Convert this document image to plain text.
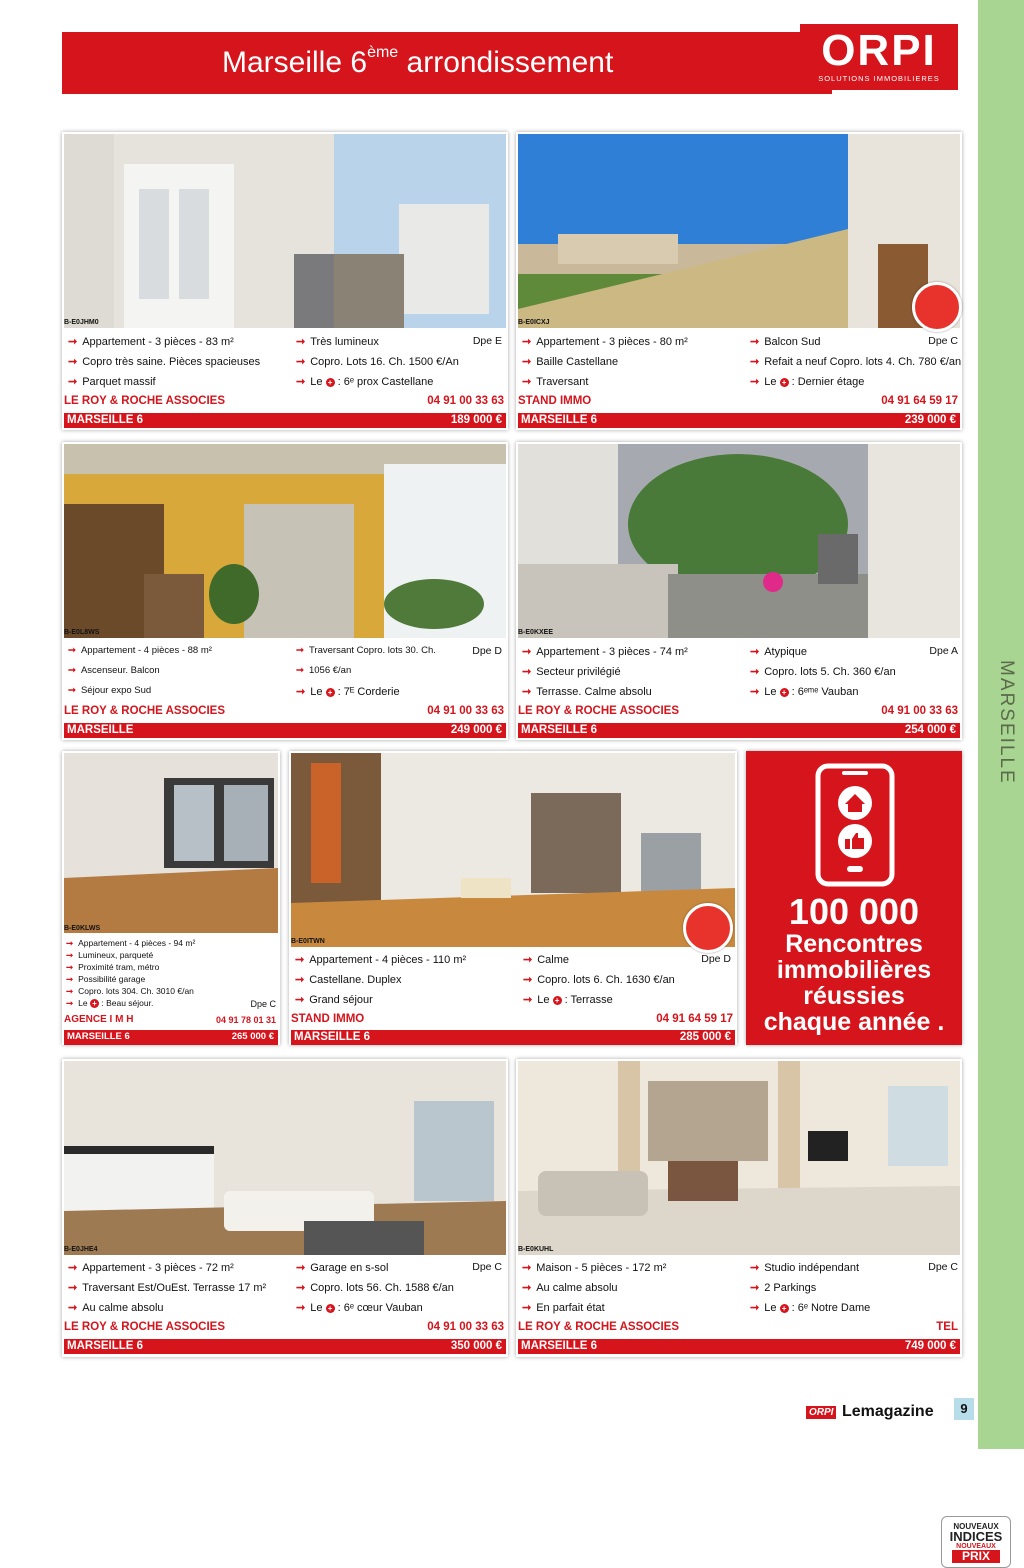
MARSEILLE
Marseille 6ème arrondissement	ORPI
SOLUTIONS IMMOBILIERES
B-E0JHM0
➞ Appartement - 3 pièces - 83 m²
➞ Copro très saine. Pièces spacieuses
➞ Parquet massif
➞ Très lumineux
➞ Copro. Lots 16. Ch. 1500 €/An
➞ Le + : 6ᵉ prox Castellane
Dpe E
LE ROY & ROCHE ASSOCIES	04 91 00 33 63
MARSEILLE 6	189 000 €
B-E0ICXJ
➞ Appartement - 3 pièces - 80 m²
➞ Baille Castellane
➞ Traversant
➞ Balcon Sud
➞ Refait a neuf Copro. lots 4. Ch. 780 €/an
➞ Le + : Dernier étage
Dpe C
STAND IMMO	04 91 64 59 17
MARSEILLE 6	239 000 €
B-E0L8WS
➞ Appartement - 4 pièces - 88 m²
➞ Ascenseur. Balcon
➞ Séjour expo Sud
➞ Traversant Copro. lots 30. Ch.
➞ 1056 €/an
➞ Le + : 7ᴱ Corderie
Dpe D
LE ROY & ROCHE ASSOCIES	04 91 00 33 63
MARSEILLE	249 000 €
B-E0KXEE
➞ Appartement - 3 pièces - 74 m²
➞ Secteur privilégié
➞ Terrasse. Calme absolu
➞ Atypique
➞ Copro. lots 5. Ch. 360 €/an
➞ Le + : 6ᵉᵐᵉ Vauban
Dpe A
LE ROY & ROCHE ASSOCIES	04 91 00 33 63
MARSEILLE 6	254 000 €
B-E0KLWS
➞ Appartement - 4 pièces - 94 m²
➞ Lumineux, parqueté
➞ Proximité tram, métro
➞ Possibilité garage
➞ Copro. lots 304. Ch. 3010 €/an
➞ Le + : Beau séjour.	Dpe C
AGENCE I M H	04 91 78 01 31
MARSEILLE 6	265 000 €
NOUVEAUX
INDICES
NOUVEAUX
PRIX
B-E0ITWN
➞ Appartement - 4 pièces - 110 m²
➞ Castellane. Duplex
➞ Grand séjour
➞ Calme
➞ Copro. lots 6. Ch. 1630 €/an
➞ Le + : Terrasse
Dpe D
STAND IMMO	04 91 64 59 17
MARSEILLE 6	285 000 €
100 000
Rencontres
immobilières
réussies
chaque année .
B-E0JHE4
➞ Appartement - 3 pièces - 72 m²
➞ Traversant Est/OuEst. Terrasse 17 m²
➞ Au calme absolu
➞ Garage en s-sol
➞ Copro. lots 56. Ch. 1588 €/an
➞ Le + : 6ᵉ cœur Vauban
Dpe C
LE ROY & ROCHE ASSOCIES	04 91 00 33 63
MARSEILLE 6	350 000 €
B-E0KUHL
➞ Maison - 5 pièces - 172 m²
➞ Au calme absolu
➞ En parfait état
➞ Studio indépendant
➞ 2 Parkings
➞ Le + : 6ᵉ Notre Dame
Dpe C
LE ROY & ROCHE ASSOCIES	TEL
MARSEILLE 6	749 000 €
ORPI Lemagazine	9
